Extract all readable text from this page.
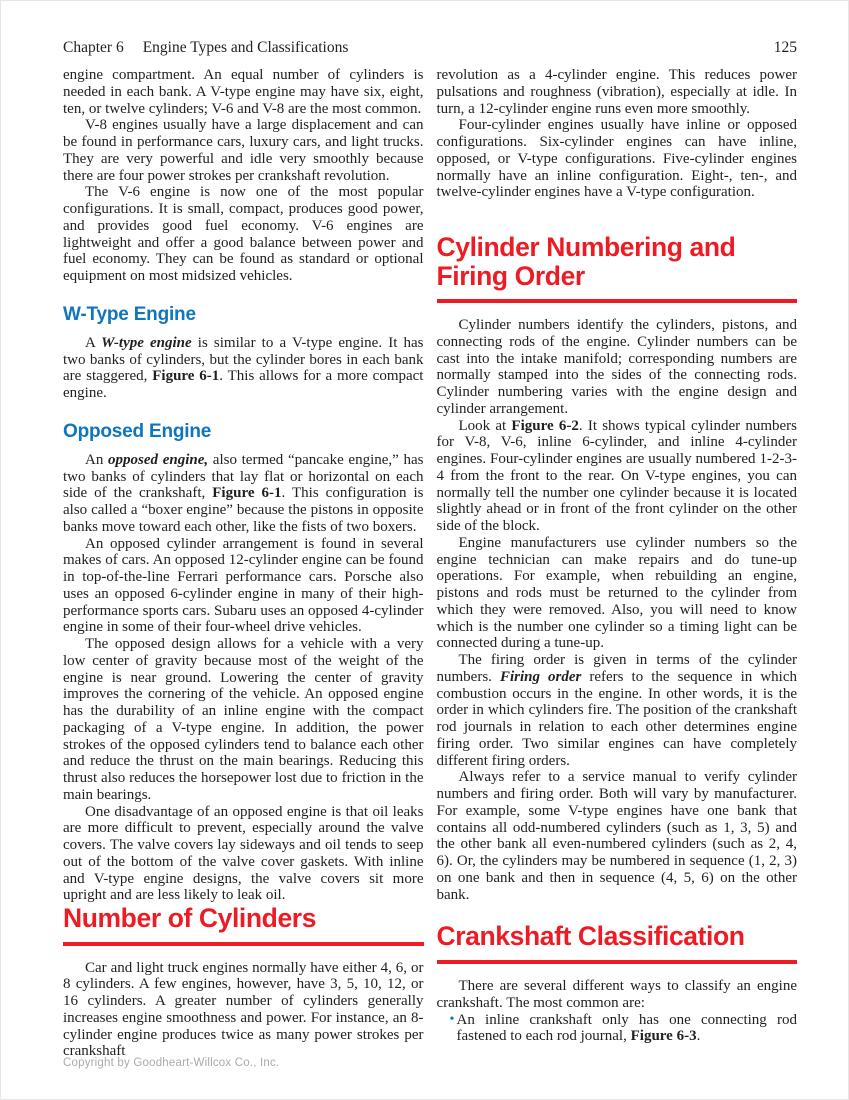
Chapter 6 Engine Types and Classifications	125

engine compartment. An equal number of cylinders is needed in each bank. A V-type engine may have six, eight, ten, or twelve cylinders; V-6 and V-8 are the most common.

V-8 engines usually have a large displacement and can be found in performance cars, luxury cars, and light trucks. They are very powerful and idle very smoothly because there are four power strokes per crankshaft revolution.

The V-6 engine is now one of the most popular configurations. It is small, compact, produces good power, and provides good fuel economy. V-6 engines are lightweight and offer a good balance between power and fuel economy. They can be found as standard or optional equipment on most midsized vehicles.

W-Type Engine

A W-type engine is similar to a V-type engine. It has two banks of cylinders, but the cylinder bores in each bank are staggered, Figure 6-1. This allows for a more compact engine.

Opposed Engine

An opposed engine, also termed “pancake engine,” has two banks of cylinders that lay flat or horizontal on each side of the crankshaft, Figure 6-1. This configuration is also called a “boxer engine” because the pistons in opposite banks move toward each other, like the fists of two boxers.

An opposed cylinder arrangement is found in several makes of cars. An opposed 12-cylinder engine can be found in top-of-the-line Ferrari performance cars. Porsche also uses an opposed 6-cylinder engine in many of their high-performance sports cars. Subaru uses an opposed 4-cylinder engine in some of their four-wheel drive vehicles.

The opposed design allows for a vehicle with a very low center of gravity because most of the weight of the engine is near ground. Lowering the center of gravity improves the cornering of the vehicle. An opposed engine has the durability of an inline engine with the compact packaging of a V-type engine. In addition, the power strokes of the opposed cylinders tend to balance each other and reduce the thrust on the main bearings. Reducing this thrust also reduces the horsepower lost due to friction in the main bearings.

One disadvantage of an opposed engine is that oil leaks are more difficult to prevent, especially around the valve covers. The valve covers lay sideways and oil tends to seep out of the bottom of the valve cover gaskets. With inline and V-type engine designs, the valve covers sit more upright and are less likely to leak oil.

Number of Cylinders

Car and light truck engines normally have either 4, 6, or 8 cylinders. A few engines, however, have 3, 5, 10, 12, or 16 cylinders. A greater number of cylinders generally increases engine smoothness and power. For instance, an 8-cylinder engine produces twice as many power strokes per crankshaft

revolution as a 4-cylinder engine. This reduces power pulsations and roughness (vibration), especially at idle. In turn, a 12-cylinder engine runs even more smoothly.

Four-cylinder engines usually have inline or opposed configurations. Six-cylinder engines can have inline, opposed, or V-type configurations. Five-cylinder engines normally have an inline configuration. Eight-, ten-, and twelve-cylinder engines have a V-type configuration.

Cylinder Numbering and Firing Order

Cylinder numbers identify the cylinders, pistons, and connecting rods of the engine. Cylinder numbers can be cast into the intake manifold; corresponding numbers are normally stamped into the sides of the connecting rods. Cylinder numbering varies with the engine design and cylinder arrangement.

Look at Figure 6-2. It shows typical cylinder numbers for V-8, V-6, inline 6-cylinder, and inline 4-cylinder engines. Four-cylinder engines are usually numbered 1-2-3-4 from the front to the rear. On V-type engines, you can normally tell the number one cylinder because it is located slightly ahead or in front of the front cylinder on the other side of the block.

Engine manufacturers use cylinder numbers so the engine technician can make repairs and do tune-up operations. For example, when rebuilding an engine, pistons and rods must be returned to the cylinder from which they were removed. Also, you will need to know which is the number one cylinder so a timing light can be connected during a tune-up.

The firing order is given in terms of the cylinder numbers. Firing order refers to the sequence in which combustion occurs in the engine. In other words, it is the order in which cylinders fire. The position of the crankshaft rod journals in relation to each other determines engine firing order. Two similar engines can have completely different firing orders.

Always refer to a service manual to verify cylinder numbers and firing order. Both will vary by manufacturer. For example, some V-type engines have one bank that contains all odd-numbered cylinders (such as 1, 3, 5) and the other bank all even-numbered cylinders (such as 2, 4, 6). Or, the cylinders may be numbered in sequence (1, 2, 3) on one bank and then in sequence (4, 5, 6) on the other bank.

Crankshaft Classification

There are several different ways to classify an engine crankshaft. The most common are:

• An inline crankshaft only has one connecting rod fastened to each rod journal, Figure 6-3.
Copyright by Goodheart-Willcox Co., Inc.
